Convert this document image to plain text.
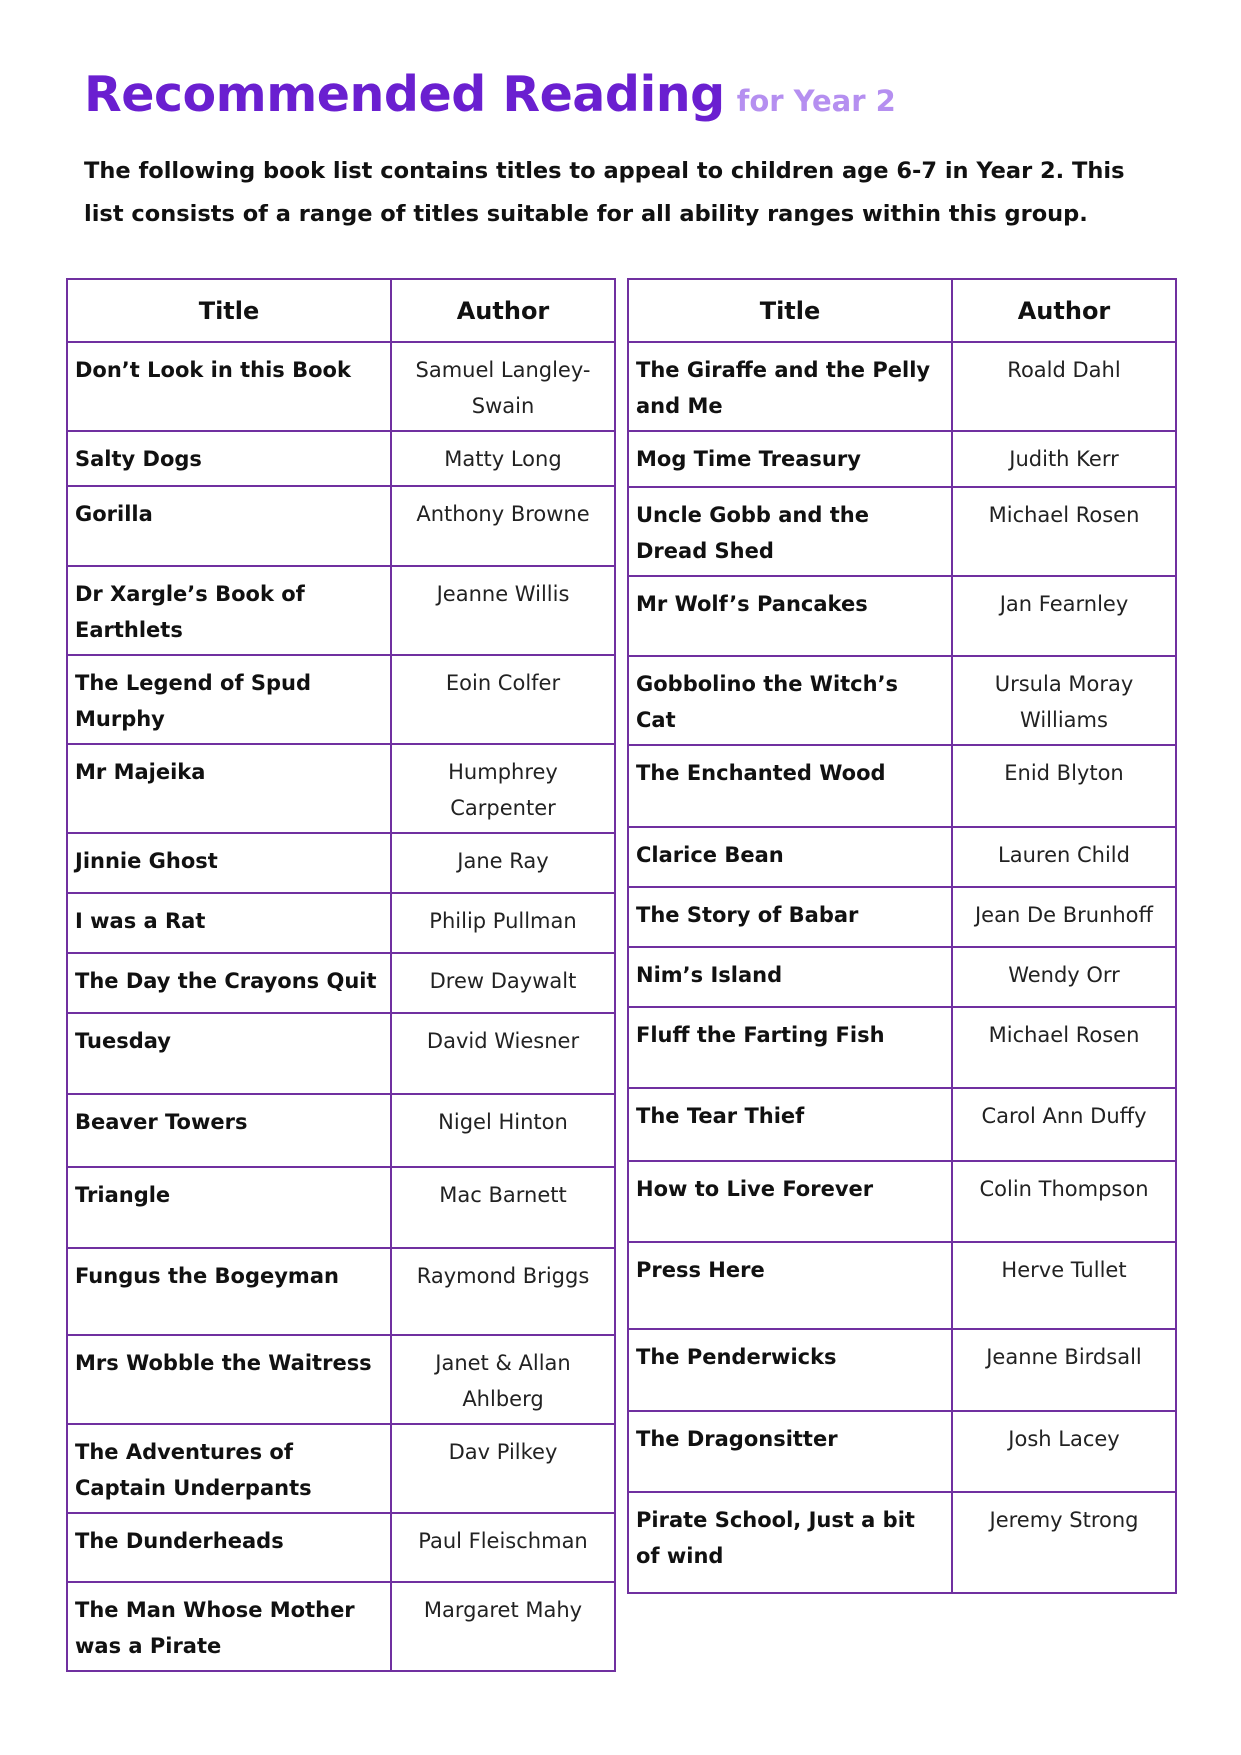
Recommended Reading for Year 2
The following book list contains titles to appeal to children age 6-7 in Year 2. This list consists of a range of titles suitable for all ability ranges within this group.
Title	Author
Don’t Look in this Book	Samuel Langley-Swain
Salty Dogs	Matty Long
Gorilla	Anthony Browne
Dr Xargle’s Book of Earthlets	Jeanne Willis
The Legend of Spud Murphy	Eoin Colfer
Mr Majeika	Humphrey Carpenter
Jinnie Ghost	Jane Ray
I was a Rat	Philip Pullman
The Day the Crayons Quit	Drew Daywalt
Tuesday	David Wiesner
Beaver Towers	Nigel Hinton
Triangle	Mac Barnett
Fungus the Bogeyman	Raymond Briggs
Mrs Wobble the Waitress	Janet & Allan Ahlberg
The Adventures of Captain Underpants	Dav Pilkey
The Dunderheads	Paul Fleischman
The Man Whose Mother was a Pirate	Margaret Mahy
Title	Author
The Giraffe and the Pelly and Me	Roald Dahl
Mog Time Treasury	Judith Kerr
Uncle Gobb and the Dread Shed	Michael Rosen
Mr Wolf’s Pancakes	Jan Fearnley
Gobbolino the Witch’s Cat	Ursula Moray Williams
The Enchanted Wood	Enid Blyton
Clarice Bean	Lauren Child
The Story of Babar	Jean De Brunhoff
Nim’s Island	Wendy Orr
Fluff the Farting Fish	Michael Rosen
The Tear Thief	Carol Ann Duffy
How to Live Forever	Colin Thompson
Press Here	Herve Tullet
The Penderwicks	Jeanne Birdsall
The Dragonsitter	Josh Lacey
Pirate School, Just a bit of wind	Jeremy Strong
